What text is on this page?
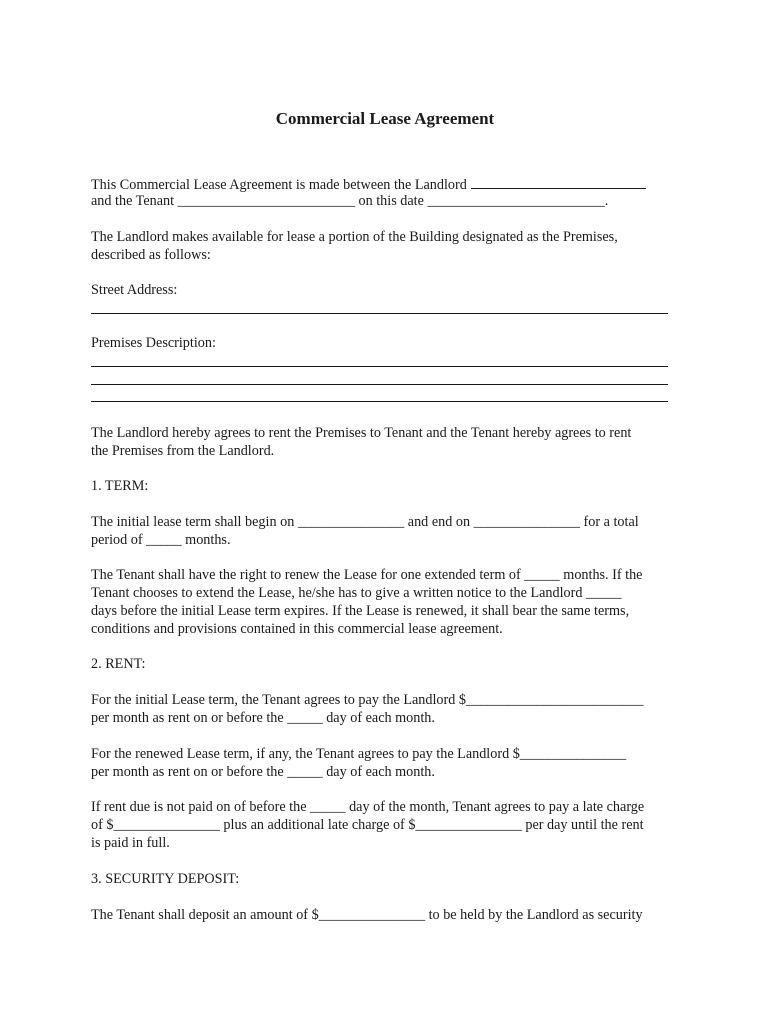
Commercial Lease Agreement
This Commercial Lease Agreement is made between the Landlord
and the Tenant _________________________ on this date _________________________.
The Landlord makes available for lease a portion of the Building designated as the Premises,
described as follows:
Street Address:
Premises Description:
The Landlord hereby agrees to rent the Premises to Tenant and the Tenant hereby agrees to rent
the Premises from the Landlord.
1. TERM:
The initial lease term shall begin on _______________ and end on _______________ for a total
period of _____ months.
The Tenant shall have the right to renew the Lease for one extended term of _____ months. If the
Tenant chooses to extend the Lease, he/she has to give a written notice to the Landlord _____
days before the initial Lease term expires. If the Lease is renewed, it shall bear the same terms,
conditions and provisions contained in this commercial lease agreement.
2. RENT:
For the initial Lease term, the Tenant agrees to pay the Landlord $_________________________
per month as rent on or before the _____ day of each month.
For the renewed Lease term, if any, the Tenant agrees to pay the Landlord $_______________
per month as rent on or before the _____ day of each month.
If rent due is not paid on of before the _____ day of the month, Tenant agrees to pay a late charge
of $_______________ plus an additional late charge of $_______________ per day until the rent
is paid in full.
3. SECURITY DEPOSIT:
The Tenant shall deposit an amount of $_______________ to be held by the Landlord as security
